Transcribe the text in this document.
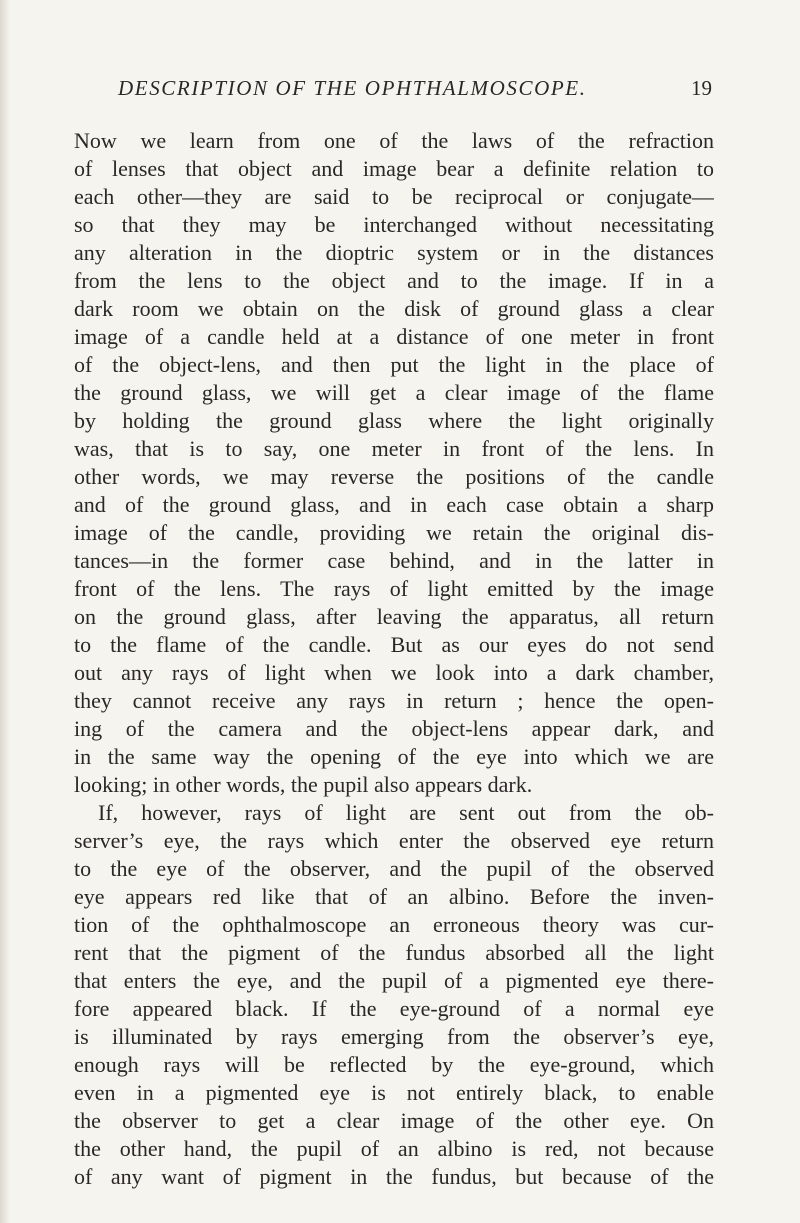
DESCRIPTION OF THE OPHTHALMOSCOPE.	19
Now we learn from one of the laws of the refraction
of lenses that object and image bear a definite relation to
each other—they are said to be reciprocal or conjugate—
so that they may be interchanged without necessitating
any alteration in the dioptric system or in the distances
from the lens to the object and to the image. If in a
dark room we obtain on the disk of ground glass a clear
image of a candle held at a distance of one meter in front
of the object-lens, and then put the light in the place of
the ground glass, we will get a clear image of the flame
by holding the ground glass where the light originally
was, that is to say, one meter in front of the lens. In
other words, we may reverse the positions of the candle
and of the ground glass, and in each case obtain a sharp
image of the candle, providing we retain the original dis-
tances—in the former case behind, and in the latter in
front of the lens. The rays of light emitted by the image
on the ground glass, after leaving the apparatus, all return
to the flame of the candle. But as our eyes do not send
out any rays of light when we look into a dark chamber,
they cannot receive any rays in return ; hence the open-
ing of the camera and the object-lens appear dark, and
in the same way the opening of the eye into which we are
looking; in other words, the pupil also appears dark.
If, however, rays of light are sent out from the ob-
server’s eye, the rays which enter the observed eye return
to the eye of the observer, and the pupil of the observed
eye appears red like that of an albino. Before the inven-
tion of the ophthalmoscope an erroneous theory was cur-
rent that the pigment of the fundus absorbed all the light
that enters the eye, and the pupil of a pigmented eye there-
fore appeared black. If the eye-ground of a normal eye
is illuminated by rays emerging from the observer’s eye,
enough rays will be reflected by the eye-ground, which
even in a pigmented eye is not entirely black, to enable
the observer to get a clear image of the other eye. On
the other hand, the pupil of an albino is red, not because
of any want of pigment in the fundus, but because of the
